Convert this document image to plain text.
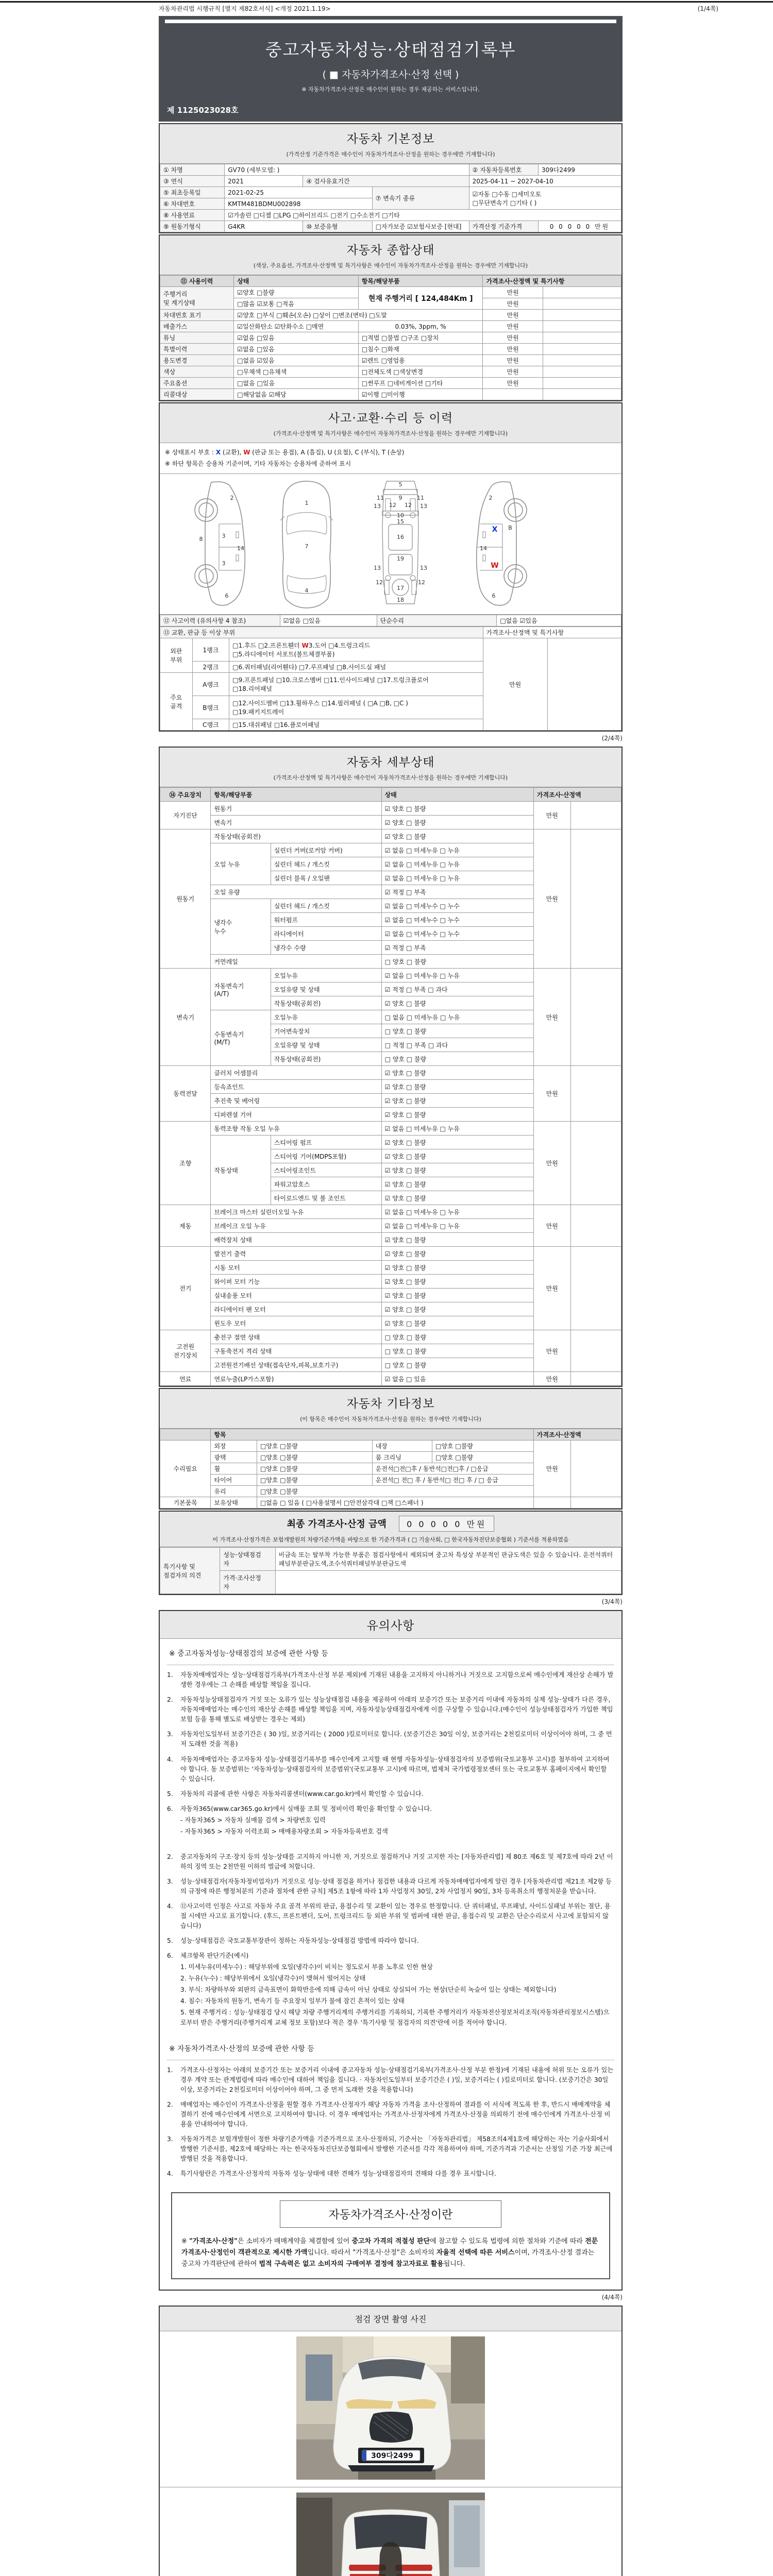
자동차관리법 시행규칙 [별지 제82호서식] <개정 2021.1.19>	(1/4쪽)
중고자동차성능·상태점검기록부
( ■ 자동차가격조사·산정 선택 )
※ 자동차가격조사·산정은 매수인이 원하는 경우 제공하는 서비스입니다.
제 1125023028호
자동차 기본정보
(가격산정 기준가격은 매수인이 자동차가격조사·산정을 원하는 경우에만 기재합니다)
① 차명	GV70 (세부모델: )			② 자동차등록번호	309다2499
③ 연식	2021	④ 검사유효기간		2025-04-11 ~ 2027-04-10	
⑤ 최초등록일	2021-02-25		⑦ 변속기 종류	☑자동 □수동 □세미오토
□무단변속기 □기타 ( )	
⑥ 차대번호	KMTM481BDMU002898				
⑧ 사용연료	☑가솔린 □디젤 □LPG □하이브리드 □전기 □수소전기 □기타				
⑨ 원동기형식	G4KR	⑩ 보증유형	□자가보증 ☑보험사보증 [현대]	가격산정 기준가격	0 0 0 0 0 만원
자동차 종합상태
(색상, 주요옵션, 가격조사·산정액 및 특기사항은 매수인이 자동차가격조사·산정을 원하는 경우에만 기재합니다)
⑪ 사용이력	상태	항목/해당부품	가격조사·산정액 및 특기사항	
주행거리
및 계기상태	☑양호 □불량	현재 주행거리 [ 124,484Km ]	만원	
	□많음 ☑보통 □적음		만원	
차대번호 표기	☑양호 □부식 □훼손(오손) □상이 □변조(변타) □도말		만원	
배출가스	☑일산화탄소 ☑탄화수소 □매연	0.03%, 3ppm, %	만원	
튜닝	☑없음 □있음	□적법 □불법 □구조 □장치	만원	
특별이력	☑없음 □있음	□침수 □화재	만원	
용도변경	□없음 ☑있음	☑렌트 □영업용	만원	
색상	□무채색 □유채색	□전체도색 □색상변경	만원	
주요옵션	□없음 □있음	□썬루프 □네비게이션 □기타	만원	
리콜대상	□해당없음 ☑해당	☑이행 □미이행		
사고·교환·수리 등 이력
(가격조사·산정액 및 특기사항은 매수인이 자동차가격조사·산정을 원하는 경우에만 기재합니다)
※ 상태표시 부호 : X (교환), W (판금 또는 용접), A (흠집), U (요철), C (부식), T (손상)
※ 하단 항목은 승용차 기준이며, 기타 자동차는 승용차에 준하여 표시
2
8	3
14
3
6
1
7
4
5
9
11	11
13	13
12 12
10
15
16
13	13
19
12	12
17
18
2
B
14
6
X
W
⑫ 사고이력 (유의사항 4 참조)	☑없음 □있음	단순수리	□없음 ☑있음
⑬ 교환, 판금 등 이상 부위			가격조사·산정액 및 특기사항	
외판
부위	1랭크	□1.후드 □2.프론트휀더 W3.도어 □4.트렁크리드
□5.라디에이터 서포트(볼트체결부품)	만원	
	2랭크	□6.쿼터패널(리어휀다) □7.루프패널 □8.사이드실 패널		
주요
골격	A랭크	□9.프론트패널 □10.크로스멤버 □11.인사이드패널 □17.트렁크플로어
□18.리어패널		
	B랭크	□12.사이드멤버 □13.휠하우스 □14.필러패널 ( □A □B, □C )
□19.패키지트레이		
	C랭크	□15.대쉬패널 □16.플로어패널		
(2/4쪽)
자동차 세부상태
(가격조사·산정액 및 특기사항은 매수인이 자동차가격조사·산정을 원하는 경우에만 기재합니다)
⑭ 주요장치	항목/해당부품		상태	가격조사·산정액	
자기진단	원동기		☑ 양호 □ 불량	만원	
	변속기		☑ 양호 □ 불량		
원동기	작동상태(공회전)		☑ 양호 □ 불량	만원	
	오일 누유	실린더 커버(로커암 커버)	☑ 없음 □ 미세누유 □ 누유		
		실린더 헤드 / 개스킷	☑ 없음 □ 미세누유 □ 누유		
		실린더 블록 / 오일팬	☑ 없음 □ 미세누유 □ 누유		
	오일 유량		☑ 적정 □ 부족		
	냉각수
누수	실린더 헤드 / 개스킷	☑ 없음 □ 미세누수 □ 누수		
		워터펌프	☑ 없음 □ 미세누수 □ 누수		
		라디에이터	☑ 없음 □ 미세누수 □ 누수		
		냉각수 수량	☑ 적정 □ 부족		
	커먼레일		□ 양호 □ 불량		
변속기	자동변속기
(A/T)	오일누유	☑ 없음 □ 미세누유 □ 누유	만원	
		오일유량 및 상태	☑ 적정 □ 부족 □ 과다		
		작동상태(공회전)	☑ 양호 □ 불량		
	수동변속기
(M/T)	오일누유	□ 없음 □ 미세누유 □ 누유		
		기어변속장치	□ 양호 □ 불량		
		오일유량 및 상태	□ 적정 □ 부족 □ 과다		
		작동상태(공회전)	□ 양호 □ 불량		
동력전달	클러치 어셈블리		☑ 양호 □ 불량	만원	
	등속죠인트		☑ 양호 □ 불량		
	추진축 및 베어링		☑ 양호 □ 불량		
	디퍼렌셜 기어		☑ 양호 □ 불량		
조향	동력조향 작동 오일 누유		☑ 없음 □ 미세누유 □ 누유	만원	
	작동상태	스티어링 펌프	☑ 양호 □ 불량		
		스티어링 기어(MDPS포함)	☑ 양호 □ 불량		
		스티어링조인트	☑ 양호 □ 불량		
		파워고압호스	☑ 양호 □ 불량		
		타이로드엔드 및 볼 조인트	☑ 양호 □ 불량		
제동	브레이크 마스터 실린더오일 누유		☑ 없음 □ 미세누유 □ 누유	만원	
	브레이크 오일 누유		☑ 없음 □ 미세누유 □ 누유		
	배력장치 상태		☑ 양호 □ 불량		
전기	발전기 출력		☑ 양호 □ 불량	만원	
	시동 모터		☑ 양호 □ 불량		
	와이퍼 모터 기능		☑ 양호 □ 불량		
	실내송풍 모터		☑ 양호 □ 불량		
	라디에이터 팬 모터		☑ 양호 □ 불량		
	윈도우 모터		☑ 양호 □ 불량		
고전원
전기장치	충전구 절연 상태		□ 양호 □ 불량	만원	
	구동축전지 격리 상태		□ 양호 □ 불량		
	고전원전기배선 상태(접속단자,피복,보호기구)		□ 양호 □ 불량		
연료	연료누출(LP가스포함)		☑ 없음 □ 있음	만원	
자동차 기타정보
(이 항목은 매수인이 자동차가격조사·산정을 원하는 경우에만 기재합니다)
	항목				가격조사·산정액	
수리필요	외장	□양호 □불량	내장	□양호 □불량	만원	
	광택	□양호 □불량	룸 크리닝	□양호 □불량		
	휠	□양호 □불량	운전석□전□후 / 동반석□전□후 / □응급			
	타이어	□양호 □불량	운전석□ 전□ 후 / 동반석□ 전□ 후 / □ 응급			
	유리	□양호 □불량				
기본품목	보유상태	□없음 □ 있음 ( □사용설명서 □안전삼각대 □잭 □스패너 )				
최종 가격조사·산정 금액 0 0 0 0 0 만원
이 가격조사·산정가격은 보험개발원의 차량기준가액을 바탕으로 한 기준가격과 ( □ 기술사회, □ 한국자동차진단보증협회 ) 기준서를 적용하였음
특기사항 및
점검자의 의견	성능·상태점검
자	비금속 또는 탈부착 가능한 부품은 점검사항에서 제외되며 중고차 특성상 부분적인 판금도색은 있을 수 있습니다. 운전석쿼터패널부분판금도색,조수석쿼터패널부분판금도색
	가격·조사산정
자	
(3/4쪽)
유의사항
※ 중고자동차성능·상태점검의 보증에 관한 사항 등
1.	자동차매매업자는 성능·상태점검기록부(가격조사·산정 부분 제외)에 기재된 내용을 고지하지 아니하거나 거짓으로 고지함으로써 매수인에게 재산상 손해가 발생한 경우에는 그 손해를 배상할 책임을 집니다.
2.	자동차성능상태점검자가 거짓 또는 오류가 있는 성능상태점검 내용을 제공하여 아래의 보증기간 또는 보증거리 이내에 자동차의 실제 성능·상태가 다른 경우, 자동차매매업자는 매수인의 재산상 손해를 배상할 책임을 지며, 자동차성능상태점검자에게 이를 구상할 수 있습니다.(매수인이 성능상태점검자가 가입한 책임보험 등을 통해 별도로 배상받는 경우는 제외)
3.	자동차인도일부터 보증기간은 ( 30 )일, 보증거리는 ( 2000 )킬로미터로 합니다. (보증기간은 30일 이상, 보증거리는 2천킬로미터 이상이어야 하며, 그 중 먼저 도래한 것을 적용)
4.	자동차매매업자는 중고자동차 성능·상태점검기록부를 매수인에게 고지할 때 현행 자동차성능·상태점검자의 보증범위(국토교통부 고시)를 첨부하여 고지하여야 합니다. 동 보증범위는 '자동차성능·상태점검자의 보증범위'(국토교통부 고시)에 따르며, 법제처 국가법령정보센터 또는 국토교통부 홈페이지에서 확인할 수 있습니다.
5.	자동차의 리콜에 관한 사항은 자동차리콜센터(www.car.go.kr)에서 확인할 수 있습니다.
6.	자동차365(www.car365.go.kr)에서 실매물 조회 및 정비이력 확인을 확인할 수 있습니다.
- 자동차365 > 자동차 실매물 검색 > 차량번호 입력
- 자동차365 > 자동차 이력조회 > 매매용차량조회 > 자동차등록번호 검색
2.	중고자동차의 구조·장치 등의 성능·상태를 고지하지 아니한 자, 거짓으로 점검하거나 거짓 고지한 자는 [자동차관리법] 제 80조 제6호 및 제7호에 따라 2년 이하의 징역 또는 2천만원 이하의 벌금에 처합니다.
3.	성능·상태점검자(자동차정비업자)가 거짓으로 성능·상태 점검을 하거나 점검한 내용과 다르게 자동차매매업자에게 알린 경우 [자동차관리법 제21조 제2항 등의 규정에 따른 행정처분의 기준과 절차에 관한 규칙] 제5조 1항에 따라 1차 사업정지 30일, 2차 사업정지 90일, 3차 등록취소의 행정처분을 받습니다.
4.	⑫사고이력 인정은 사고로 자동차 주요 골격 부위의 판금, 용접수리 및 교환이 있는 경우로 한정합니다. 단 쿼터패널, 루프패널, 사이드실패널 부위는 절단, 용접 시에만 사고로 표기합니다. (후드, 프론트펜더, 도어, 트렁크리드 등 외판 부위 및 범퍼에 대한 판금, 용접수리 및 교환은 단순수리로서 사고에 포함되지 않습니다)
5.	성능·상태점검은 국토교통부장관이 정하는 자동차성능·상태점검 방법에 따라야 합니다.
6.	체크항목 판단기준(예시)
1. 미세누유(미세누수) : 해당부위에 오일(냉각수)이 비치는 정도로서 부품 노후로 인한 현상
2. 누유(누수) : 해당부위에서 오일(냉각수)이 맺혀서 떨어지는 상태
3. 부식: 차량하부와 외판의 금속표면이 화학반응에 의해 금속이 아닌 상태로 상실되어 가는 현상(단순히 녹슬어 있는 상태는 제외합니다)
4. 침수: 자동차의 원동기, 변속기 등 주요장치 일부가 물에 잠긴 흔적이 있는 상태
5. 현재 주행거리 : 성능·상태점검 당시 해당 차량 주행거리계의 주행거리를 기록하되, 기록한 주행거리가 자동차전산정보처리조직(자동차관리정보시스템)으로부터 받은 주행거리(주행거리계 교체 정보 포함)보다 적은 경우 '특기사항 및 점검자의 의견'란에 이를 적어야 합니다.
※ 자동차가격조사·산정의 보증에 관한 사항 등
1.	가격조사·산정자는 아래의 보증기간 또는 보증거리 이내에 중고자동차 성능·상태점검기록부(가격조사·산정 부분 한정)에 기재된 내용에 허위 또는 오류가 있는 경우 계약 또는 관계법령에 따라 매수인에 대하여 책임을 집니다. · 자동차인도일부터 보증기간은 ( )일, 보증거리는 ( )킬로미터로 합니다. (보증기간은 30일 이상, 보증거리는 2천킬로미터 이상이어야 하며, 그 중 먼저 도래한 것을 적용합니다)
2.	매매업자는 매수인이 가격조사·산정을 원할 경우 가격조사·산정자가 해당 자동차 가격을 조사·산정하여 결과를 이 서식에 적도록 한 후, 반드시 매매계약을 체결하기 전에 매수인에게 서면으로 고지하여야 합니다. 이 경우 매매업자는 가격조사·산정자에게 가격조사·산정을 의뢰하기 전에 매수인에게 가격조사·산정 비용을 안내하여야 합니다.
3.	자동차가격은 보험개발원이 정한 차량기준가액을 기준가격으로 조사·산정하되, 기준서는 「자동차관리법」 제58조의4제1호에 해당하는 자는 기술사회에서 발행한 기준서를, 제2호에 해당하는 자는 한국자동차진단보증협회에서 발행한 기준서를 각각 적용하여야 하며, 기준가격과 기준서는 산정일 기준 가장 최근에 발행된 것을 적용합니다.
4.	특기사항란은 가격조사·산정자의 자동차 성능·상태에 대한 견해가 성능·상태점검자의 견해와 다를 경우 표시합니다.
자동차가격조사·산정이란
※ "가격조사·산정"은 소비자가 매매계약을 체결함에 있어 중고차 가격의 적절성 판단에 참고할 수 있도록 법령에 의한 절차와 기준에 따라 전문 가격조사·산정인이 객관적으로 제시한 가액입니다. 따라서 "가격조사·산정"은 소비자의 자율적 선택에 따른 서비스이며, 가격조사·산정 결과는 중고차 가격판단에 관하여 법적 구속력은 없고 소비자의 구매여부 결정에 참고자료로 활용됩니다.
(4/4쪽)
점검 장면 촬영 사진
309다2499
